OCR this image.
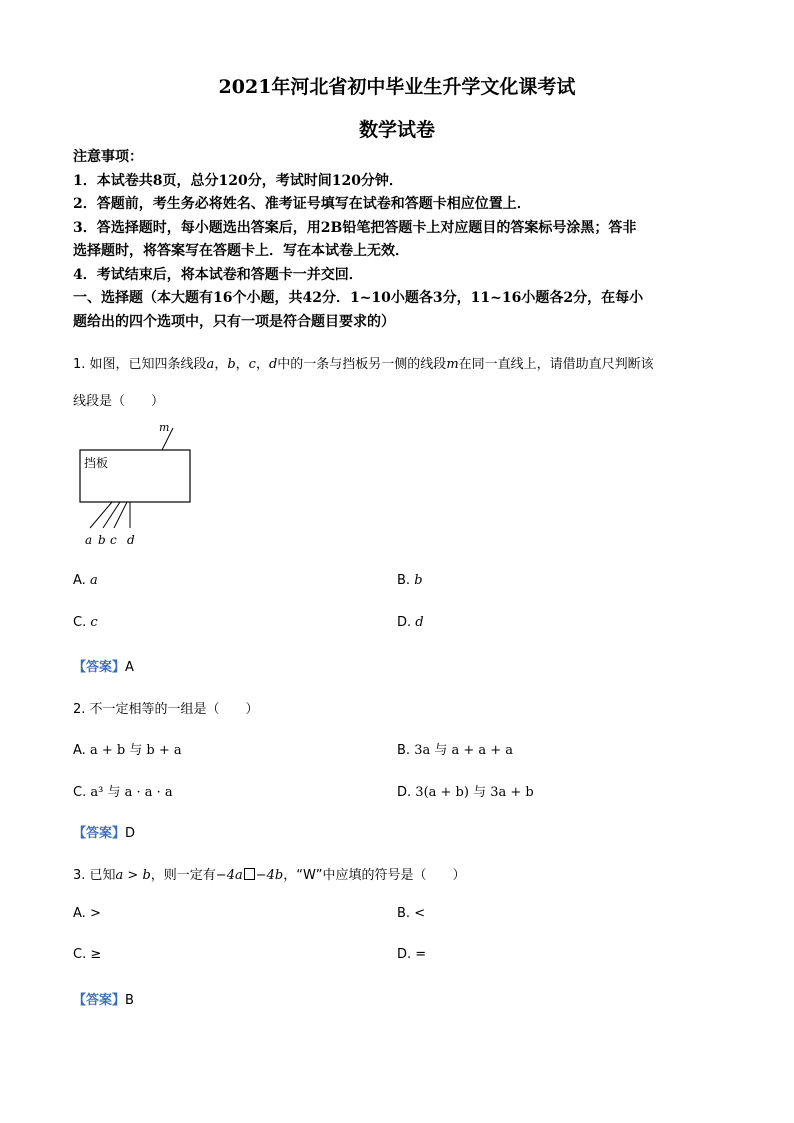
2021年河北省初中毕业生升学文化课考试
数学试卷
注意事项：
1．本试卷共8页，总分120分，考试时间120分钟．
2．答题前，考生务必将姓名、准考证号填写在试卷和答题卡相应位置上．
3．答选择题时，每小题选出答案后，用2B铅笔把答题卡上对应题目的答案标号涂黑；答非
选择题时，将答案写在答题卡上．写在本试卷上无效．
4．考试结束后，将本试卷和答题卡一并交回．
一、选择题（本大题有16个小题，共42分．1~10小题各3分，11~16小题各2分，在每小
题给出的四个选项中，只有一项是符合题目要求的）
1. 如图，已知四条线段a，b，c，d中的一条与挡板另一侧的线段m在同一直线上，请借助直尺判断该
线段是（　　）
挡板
m
a b c d
A. a	B. b
C. c	D. d
【答案】A
2. 不一定相等的一组是（　　）
A. a + b 与 b + a	B. 3a 与 a + a + a
C. a³ 与 a · a · a	D. 3(a + b) 与 3a + b
【答案】D
3. 已知a > b，则一定有−4a −4b，“W”中应填的符号是（　　）
A. >	B. <
C. ≥	D. =
【答案】B
